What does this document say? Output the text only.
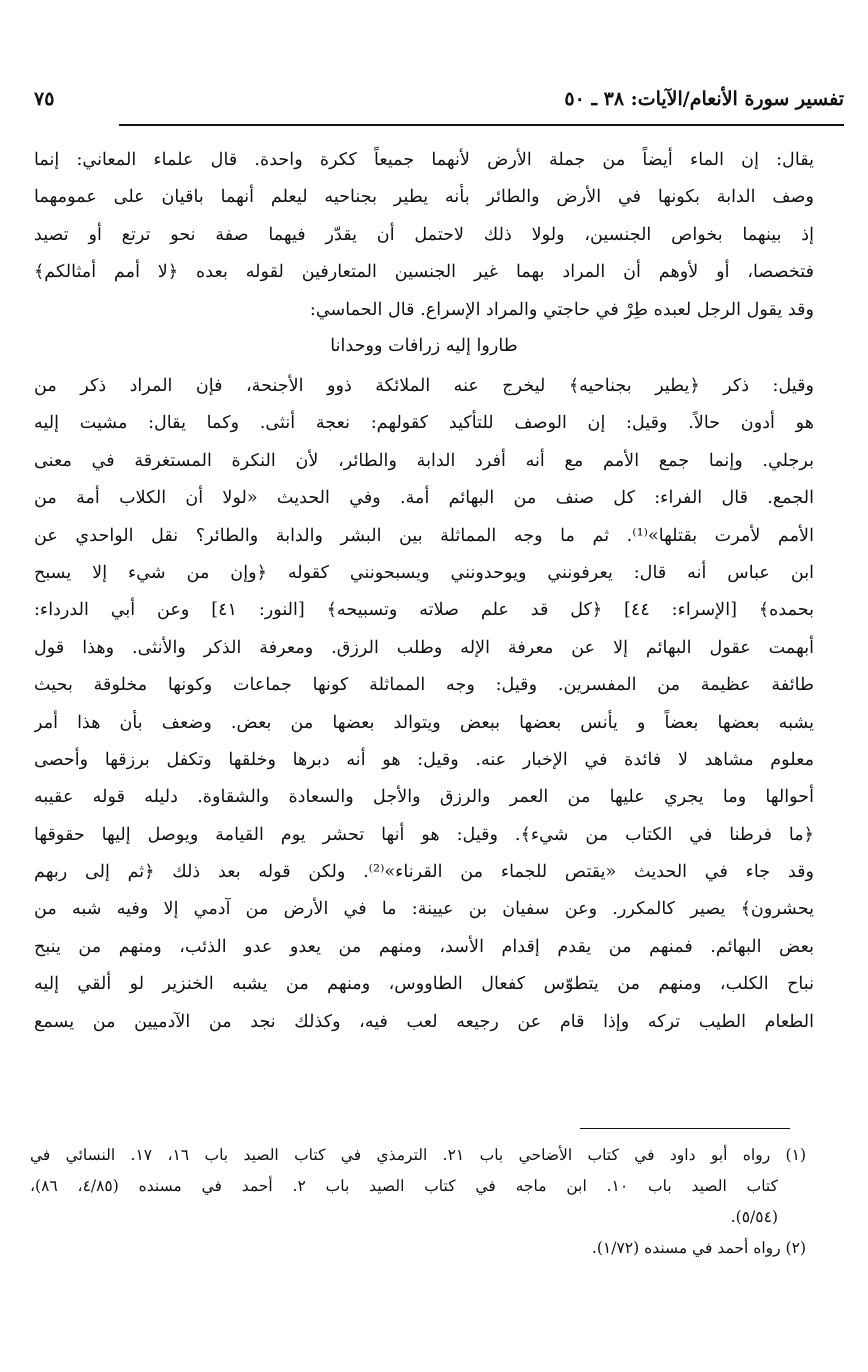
تفسير سورة الأنعام/الآيات: ٣٨ ـ ٥٠
٧٥
يقال: إن الماء أيضاً من جملة الأرض لأنهما جميعاً ككرة واحدة. قال علماء المعاني: إنما
وصف الدابة بكونها في الأرض والطائر بأنه يطير بجناحيه ليعلم أنهما باقيان على عمومهما
إذ بينهما بخواص الجنسين، ولولا ذلك لاحتمل أن يقدّر فيهما صفة نحو ترتع أو تصيد
فتخصصا، أو لأوهم أن المراد بهما غير الجنسين المتعارفين لقوله بعده ﴿لا أمم أمثالكم﴾
وقد يقول الرجل لعبده طِرْ في حاجتي والمراد الإسراع. قال الحماسي:
طاروا إليه زرافات ووحدانا
وقيل: ذكر ﴿يطير بجناحيه﴾ ليخرج عنه الملائكة ذوو الأجنحة، فإن المراد ذكر من
هو أدون حالاً. وقيل: إن الوصف للتأكيد كقولهم: نعجة أنثى. وكما يقال: مشيت إليه
برجلي. وإنما جمع الأمم مع أنه أفرد الدابة والطائر، لأن النكرة المستغرقة في معنى
الجمع. قال الفراء: كل صنف من البهائم أمة. وفي الحديث «لولا أن الكلاب أمة من
الأمم لأمرت بقتلها»⁽¹⁾. ثم ما وجه المماثلة بين البشر والدابة والطائر؟ نقل الواحدي عن
ابن عباس أنه قال: يعرفونني ويوحدونني ويسبحونني كقوله ﴿وإن من شيء إلا يسبح
بحمده﴾ [الإسراء: ٤٤] ﴿كل قد علم صلاته وتسبيحه﴾ [النور: ٤١] وعن أبي الدرداء:
أبهمت عقول البهائم إلا عن معرفة الإله وطلب الرزق. ومعرفة الذكر والأنثى. وهذا قول
طائفة عظيمة من المفسرين. وقيل: وجه المماثلة كونها جماعات وكونها مخلوقة بحيث
يشبه بعضها بعضاً و يأنس بعضها ببعض ويتوالد بعضها من بعض. وضعف بأن هذا أمر
معلوم مشاهد لا فائدة في الإخبار عنه. وقيل: هو أنه دبرها وخلقها وتكفل برزقها وأحصى
أحوالها وما يجري عليها من العمر والرزق والأجل والسعادة والشقاوة. دليله قوله عقيبه
﴿ما فرطنا في الكتاب من شيء﴾. وقيل: هو أنها تحشر يوم القيامة ويوصل إليها حقوقها
وقد جاء في الحديث «يقتص للجماء من القرناء»⁽²⁾. ولكن قوله بعد ذلك ﴿ثم إلى ربهم
يحشرون﴾ يصير كالمكرر. وعن سفيان بن عيينة: ما في الأرض من آدمي إلا وفيه شبه من
بعض البهائم. فمنهم من يقدم إقدام الأسد، ومنهم من يعدو عدو الذئب، ومنهم من ينبح
نباح الكلب، ومنهم من يتطوّس كفعال الطاووس، ومنهم من يشبه الخنزير لو ألقي إليه
الطعام الطيب تركه وإذا قام عن رجيعه لعب فيه، وكذلك نجد من الآدميين من يسمع
(١) رواه أبو داود في كتاب الأضاحي باب ٢١. الترمذي في كتاب الصيد باب ١٦، ١٧. النسائي في
كتاب الصيد باب ١٠. ابن ماجه في كتاب الصيد باب ٢. أحمد في مسنده (٤/٨٥، ٨٦)،
(٥/٥٤).
(٢) رواه أحمد في مسنده (١/٧٢).
